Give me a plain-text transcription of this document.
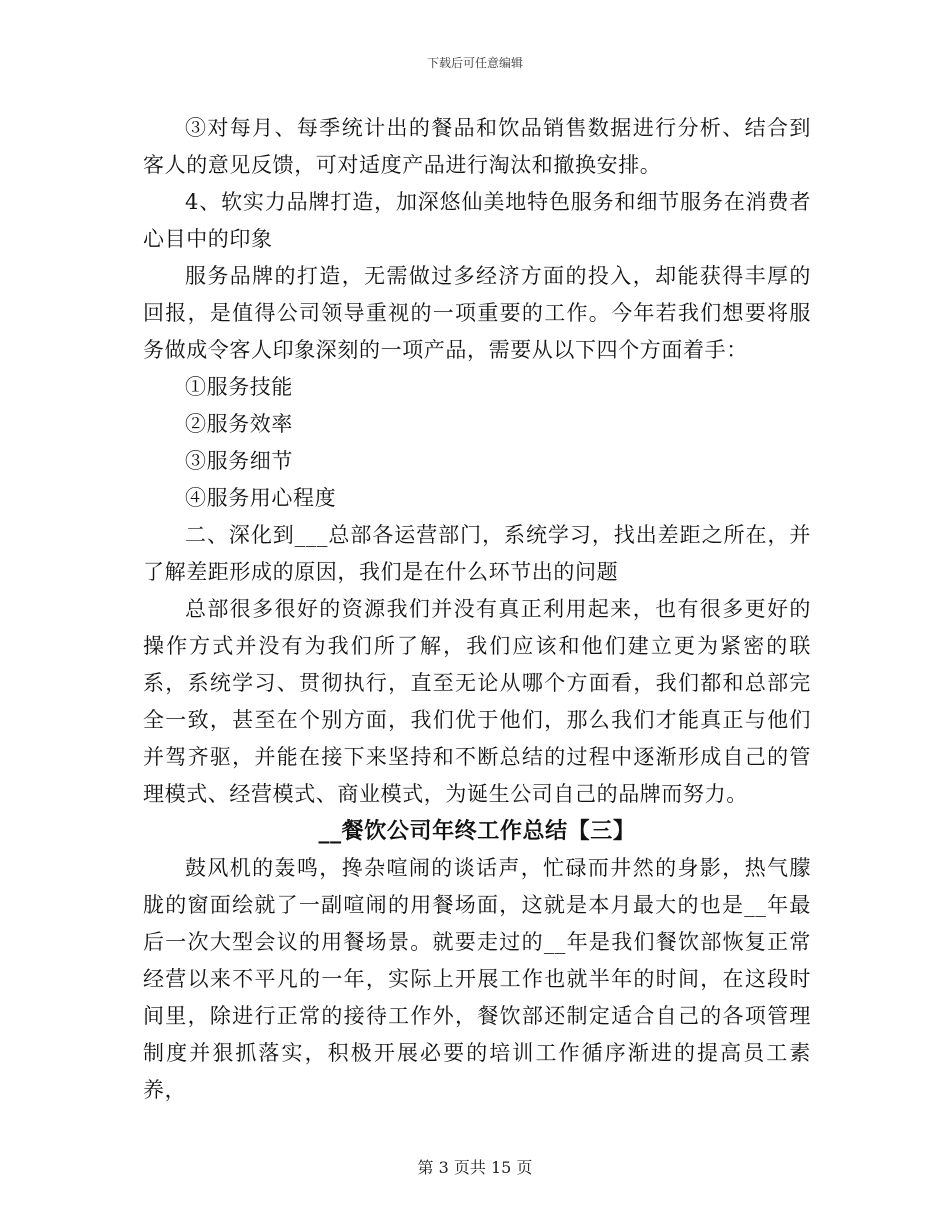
下载后可任意编辑

③对每月、每季统计出的餐品和饮品销售数据进行分析、结合到客人的意见反馈，可对适度产品进行淘汰和撤换安排。

4、软实力品牌打造，加深悠仙美地特色服务和细节服务在消费者心目中的印象

服务品牌的打造，无需做过多经济方面的投入，却能获得丰厚的回报，是值得公司领导重视的一项重要的工作。今年若我们想要将服务做成令客人印象深刻的一项产品，需要从以下四个方面着手：

①服务技能

②服务效率

③服务细节

④服务用心程度

二、深化到___总部各运营部门，系统学习，找出差距之所在，并了解差距形成的原因，我们是在什么环节出的问题

总部很多很好的资源我们并没有真正利用起来，也有很多更好的操作方式并没有为我们所了解，我们应该和他们建立更为紧密的联系，系统学习、贯彻执行，直至无论从哪个方面看，我们都和总部完全一致，甚至在个别方面，我们优于他们，那么我们才能真正与他们并驾齐驱，并能在接下来坚持和不断总结的过程中逐渐形成自己的管理模式、经营模式、商业模式，为诞生公司自己的品牌而努力。

__餐饮公司年终工作总结【三】

鼓风机的轰鸣，搀杂喧闹的谈话声，忙碌而井然的身影，热气朦胧的窗面绘就了一副喧闹的用餐场面，这就是本月最大的也是__年最后一次大型会议的用餐场景。就要走过的__年是我们餐饮部恢复正常经营以来不平凡的一年，实际上开展工作也就半年的时间，在这段时间里，除进行正常的接待工作外，餐饮部还制定适合自己的各项管理制度并狠抓落实，积极开展必要的培训工作循序渐进的提高员工素养，

第 3 页共 15 页
